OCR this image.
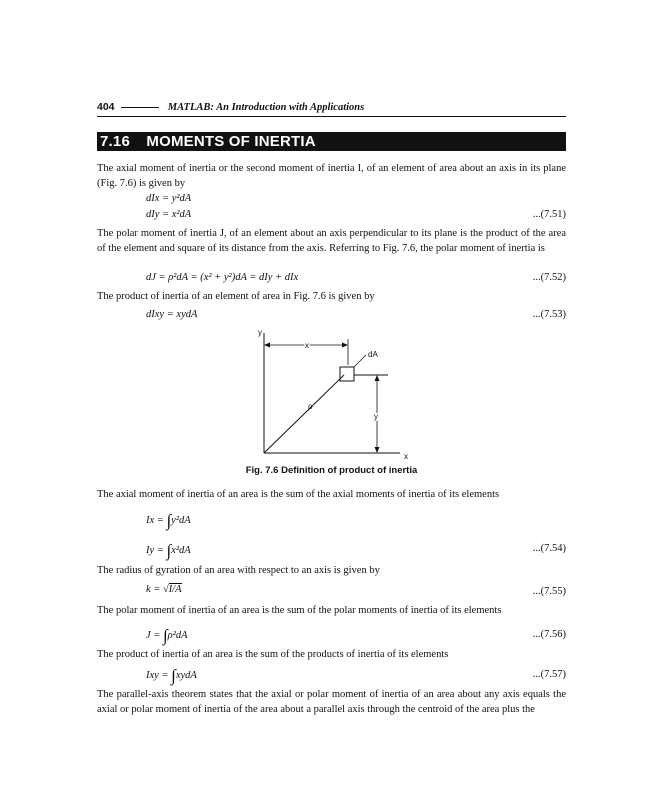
404	MATLAB: An Introduction with Applications
7.16 MOMENTS OF INERTIA

The axial moment of inertia or the second moment of inertia I, of an element of area about an axis in its plane (Fig. 7.6) is given by

dIx = y²dA
dIy = x²dA	...(7.51)

The polar moment of inertia J, of an element about an axis perpendicular to its plane is the product of the area of the element and square of its distance from the axis. Referring to Fig. 7.6, the polar moment of inertia is

dJ = ρ²dA = (x² + y²)dA = dIy + dIx	...(7.52)

The product of inertia of an element of area in Fig. 7.6 is given by

dIxy = xydA	...(7.53)
y
x
x
dA
y
ρ
Fig. 7.6 Definition of product of inertia

The axial moment of inertia of an area is the sum of the axial moments of inertia of its elements

Ix = ∫y²dA
Iy = ∫x²dA	...(7.54)

The radius of gyration of an area with respect to an axis is given by

k = √I/A	...(7.55)

The polar moment of inertia of an area is the sum of the polar moments of inertia of its elements

J = ∫ρ²dA	...(7.56)

The product of inertia of an area is the sum of the products of inertia of its elements

Ixy = ∫xydA	...(7.57)

The parallel-axis theorem states that the axial or polar moment of inertia of an area about any axis equals the axial or polar moment of inertia of the area about a parallel axis through the centroid of the area plus the
